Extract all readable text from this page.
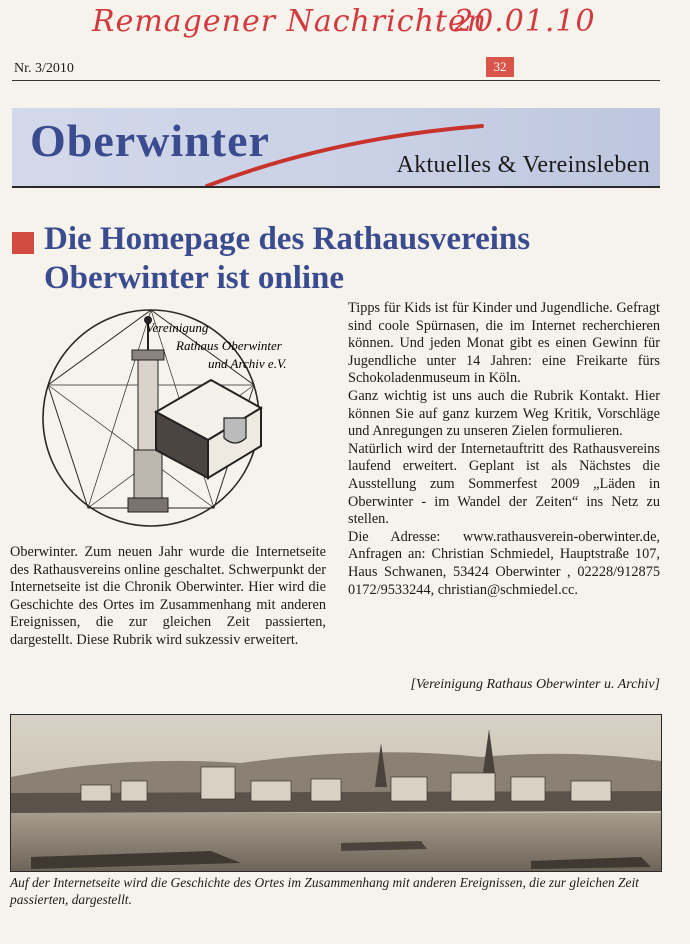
Remagener Nachrichten
20.01.10
Nr. 3/2010	32
Oberwinter	Aktuelles & Vereinsleben
Die Homepage des Rathausvereins Oberwinter ist online
Vereinigung
Rathaus Oberwinter
und Archiv e.V.

Oberwinter. Zum neuen Jahr wurde die Internetseite des Rathausvereins online geschaltet. Schwerpunkt der Internetseite ist die Chronik Oberwinter. Hier wird die Geschichte des Ortes im Zusammenhang mit anderen Ereignissen, die zur gleichen Zeit passierten, dargestellt. Diese Rubrik wird sukzessiv erweitert.

Tipps für Kids ist für Kinder und Jugendliche. Gefragt sind coole Spürnasen, die im Internet recherchieren können. Und jeden Monat gibt es einen Gewinn für Jugendliche unter 14 Jahren: eine Freikarte fürs Schokoladenmuseum in Köln.

Ganz wichtig ist uns auch die Rubrik Kontakt. Hier können Sie auf ganz kurzem Weg Kritik, Vorschläge und Anregungen zu unseren Zielen formulieren.

Natürlich wird der Internetauftritt des Rathausvereins laufend erweitert. Geplant ist als Nächstes die Ausstellung zum Sommerfest 2009 „Läden in Oberwinter - im Wandel der Zeiten“ ins Netz zu stellen.

Die Adresse: www.rathausverein-oberwinter.de, Anfragen an: Christian Schmiedel, Hauptstraße 107, Haus Schwanen, 53424 Oberwinter , 02228/912875 0172/9533244, christian@schmiedel.cc.

[Vereinigung Rathaus Oberwinter u. Archiv]

Auf der Internetseite wird die Geschichte des Ortes im Zusammenhang mit anderen Ereignissen, die zur gleichen Zeit passierten, dargestellt.
